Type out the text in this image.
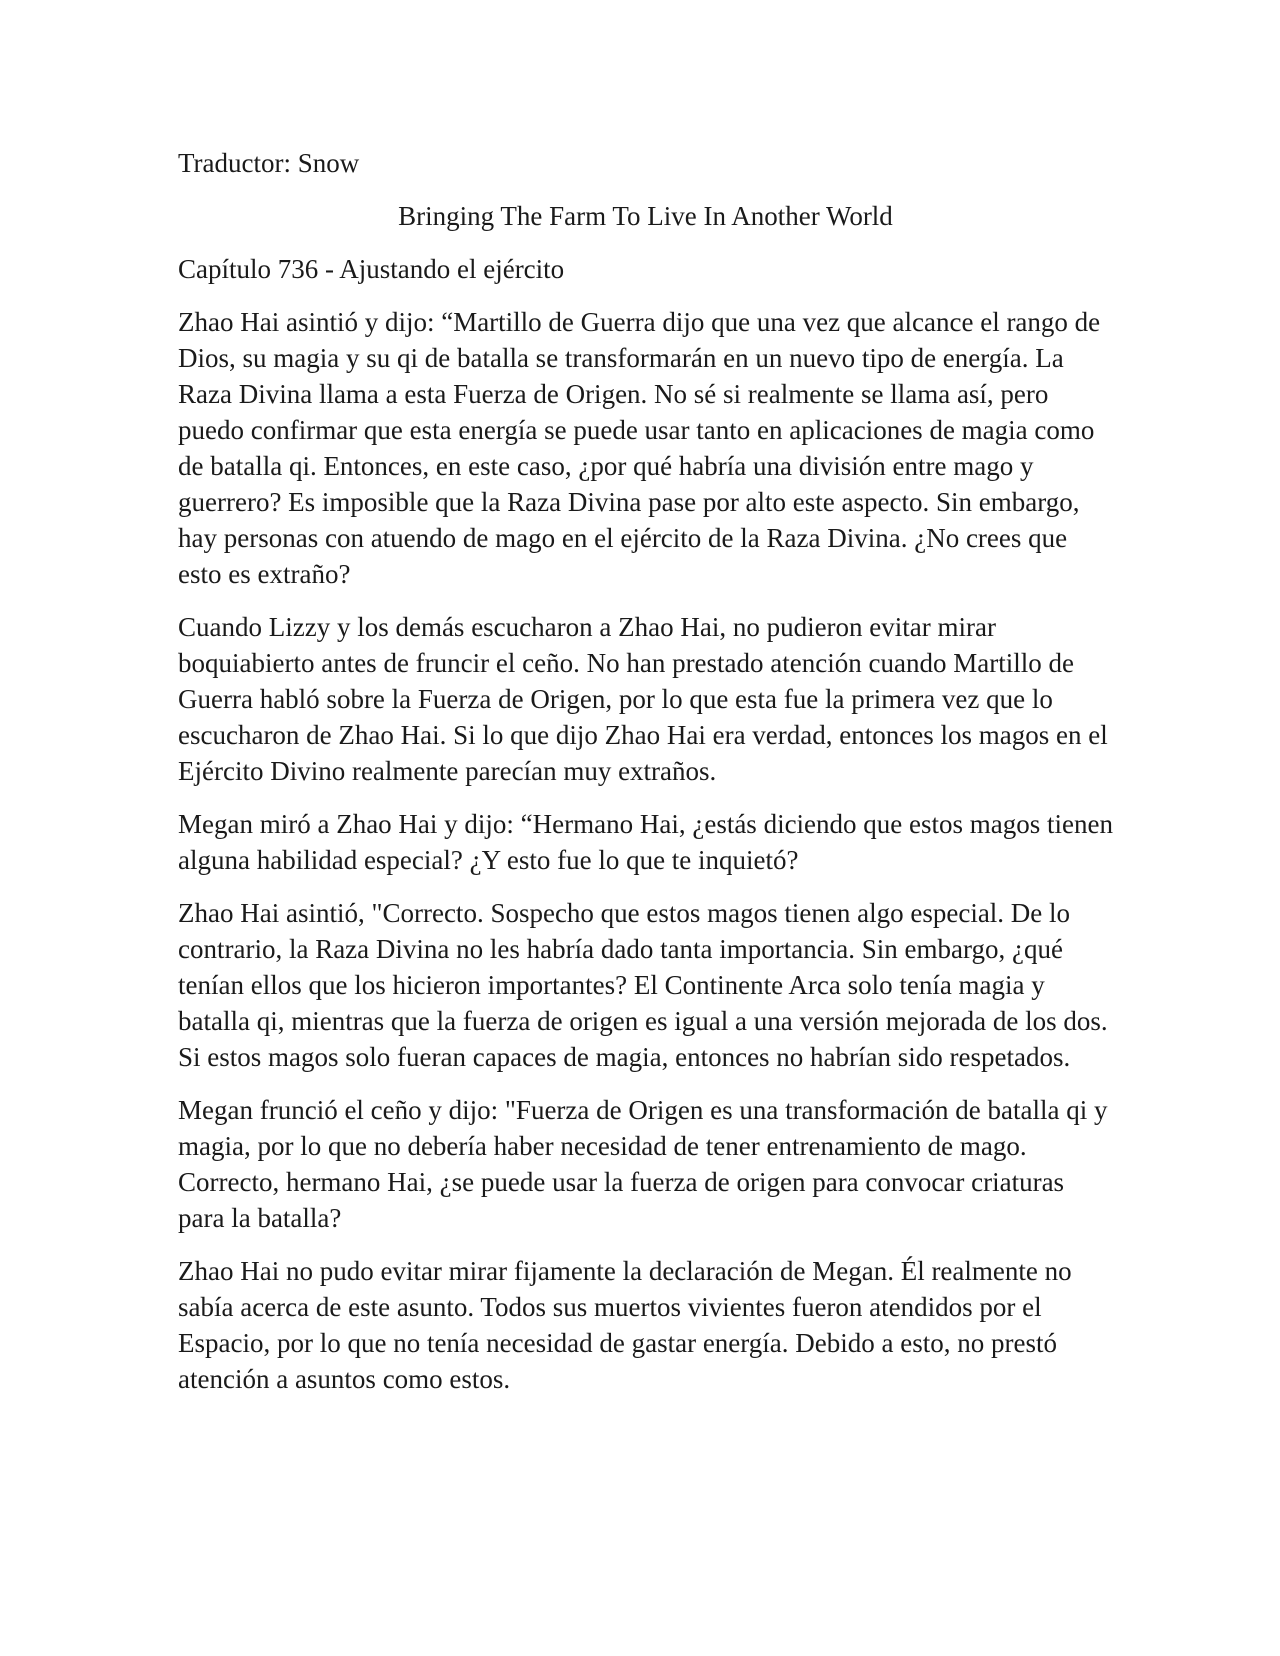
Traductor: Snow

Bringing The Farm To Live In Another World

Capítulo 736 - Ajustando el ejército

Zhao Hai asintió y dijo: “Martillo de Guerra dijo que una vez que alcance el rango de Dios, su magia y su qi de batalla se transformarán en un nuevo tipo de energía. La Raza Divina llama a esta Fuerza de Origen. No sé si realmente se llama así, pero puedo confirmar que esta energía se puede usar tanto en aplicaciones de magia como de batalla qi. Entonces, en este caso, ¿por qué habría una división entre mago y guerrero? Es imposible que la Raza Divina pase por alto este aspecto. Sin embargo, hay personas con atuendo de mago en el ejército de la Raza Divina. ¿No crees que esto es extraño?

Cuando Lizzy y los demás escucharon a Zhao Hai, no pudieron evitar mirar boquiabierto antes de fruncir el ceño. No han prestado atención cuando Martillo de Guerra habló sobre la Fuerza de Origen, por lo que esta fue la primera vez que lo escucharon de Zhao Hai. Si lo que dijo Zhao Hai era verdad, entonces los magos en el Ejército Divino realmente parecían muy extraños.

Megan miró a Zhao Hai y dijo: “Hermano Hai, ¿estás diciendo que estos magos tienen alguna habilidad especial? ¿Y esto fue lo que te inquietó?

Zhao Hai asintió, "Correcto. Sospecho que estos magos tienen algo especial. De lo contrario, la Raza Divina no les habría dado tanta importancia. Sin embargo, ¿qué tenían ellos que los hicieron importantes? El Continente Arca solo tenía magia y batalla qi, mientras que la fuerza de origen es igual a una versión mejorada de los dos. Si estos magos solo fueran capaces de magia, entonces no habrían sido respetados.

Megan frunció el ceño y dijo: "Fuerza de Origen es una transformación de batalla qi y magia, por lo que no debería haber necesidad de tener entrenamiento de mago. Correcto, hermano Hai, ¿se puede usar la fuerza de origen para convocar criaturas para la batalla?

Zhao Hai no pudo evitar mirar fijamente la declaración de Megan. Él realmente no sabía acerca de este asunto. Todos sus muertos vivientes fueron atendidos por el Espacio, por lo que no tenía necesidad de gastar energía. Debido a esto, no prestó atención a asuntos como estos.
